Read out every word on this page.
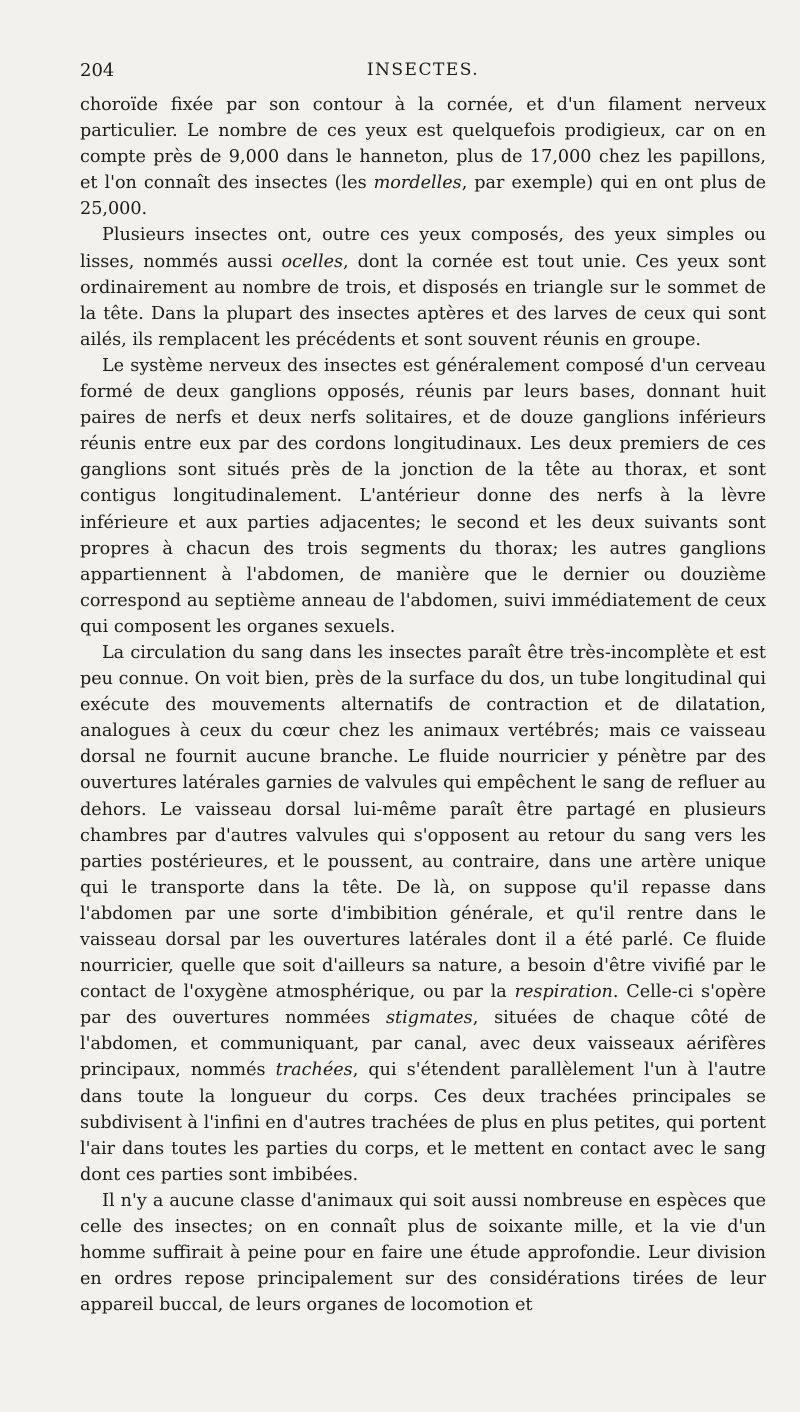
204	INSECTES.

choroïde fixée par son contour à la cornée, et d'un filament nerveux particulier. Le nombre de ces yeux est quelquefois prodigieux, car on en compte près de 9,000 dans le hanneton, plus de 17,000 chez les papillons, et l'on connaît des insectes (les mordelles, par exemple) qui en ont plus de 25,000.

Plusieurs insectes ont, outre ces yeux composés, des yeux simples ou lisses, nommés aussi ocelles, dont la cornée est tout unie. Ces yeux sont ordinairement au nombre de trois, et disposés en triangle sur le sommet de la tête. Dans la plupart des insectes aptères et des larves de ceux qui sont ailés, ils remplacent les précédents et sont souvent réunis en groupe.

Le système nerveux des insectes est généralement composé d'un cerveau formé de deux ganglions opposés, réunis par leurs bases, donnant huit paires de nerfs et deux nerfs solitaires, et de douze ganglions inférieurs réunis entre eux par des cordons longitudinaux. Les deux premiers de ces ganglions sont situés près de la jonction de la tête au thorax, et sont contigus longitudinalement. L'antérieur donne des nerfs à la lèvre inférieure et aux parties adjacentes; le second et les deux suivants sont propres à chacun des trois segments du thorax; les autres ganglions appartiennent à l'abdomen, de manière que le dernier ou douzième correspond au septième anneau de l'abdomen, suivi immédiatement de ceux qui composent les organes sexuels.

La circulation du sang dans les insectes paraît être très-incomplète et est peu connue. On voit bien, près de la surface du dos, un tube longitudinal qui exécute des mouvements alternatifs de contraction et de dilatation, analogues à ceux du cœur chez les animaux vertébrés; mais ce vaisseau dorsal ne fournit aucune branche. Le fluide nourricier y pénètre par des ouvertures latérales garnies de valvules qui empêchent le sang de refluer au dehors. Le vaisseau dorsal lui-même paraît être partagé en plusieurs chambres par d'autres valvules qui s'opposent au retour du sang vers les parties postérieures, et le poussent, au contraire, dans une artère unique qui le transporte dans la tête. De là, on suppose qu'il repasse dans l'abdomen par une sorte d'imbibition générale, et qu'il rentre dans le vaisseau dorsal par les ouvertures latérales dont il a été parlé. Ce fluide nourricier, quelle que soit d'ailleurs sa nature, a besoin d'être vivifié par le contact de l'oxygène atmosphérique, ou par la respiration. Celle-ci s'opère par des ouvertures nommées stigmates, situées de chaque côté de l'abdomen, et communiquant, par canal, avec deux vaisseaux aérifères principaux, nommés trachées, qui s'étendent parallèlement l'un à l'autre dans toute la longueur du corps. Ces deux trachées principales se subdivisent à l'infini en d'autres trachées de plus en plus petites, qui portent l'air dans toutes les parties du corps, et le mettent en contact avec le sang dont ces parties sont imbibées.

Il n'y a aucune classe d'animaux qui soit aussi nombreuse en espèces que celle des insectes; on en connaît plus de soixante mille, et la vie d'un homme suffirait à peine pour en faire une étude approfondie. Leur division en ordres repose principalement sur des considérations tirées de leur appareil buccal, de leurs organes de locomotion et
